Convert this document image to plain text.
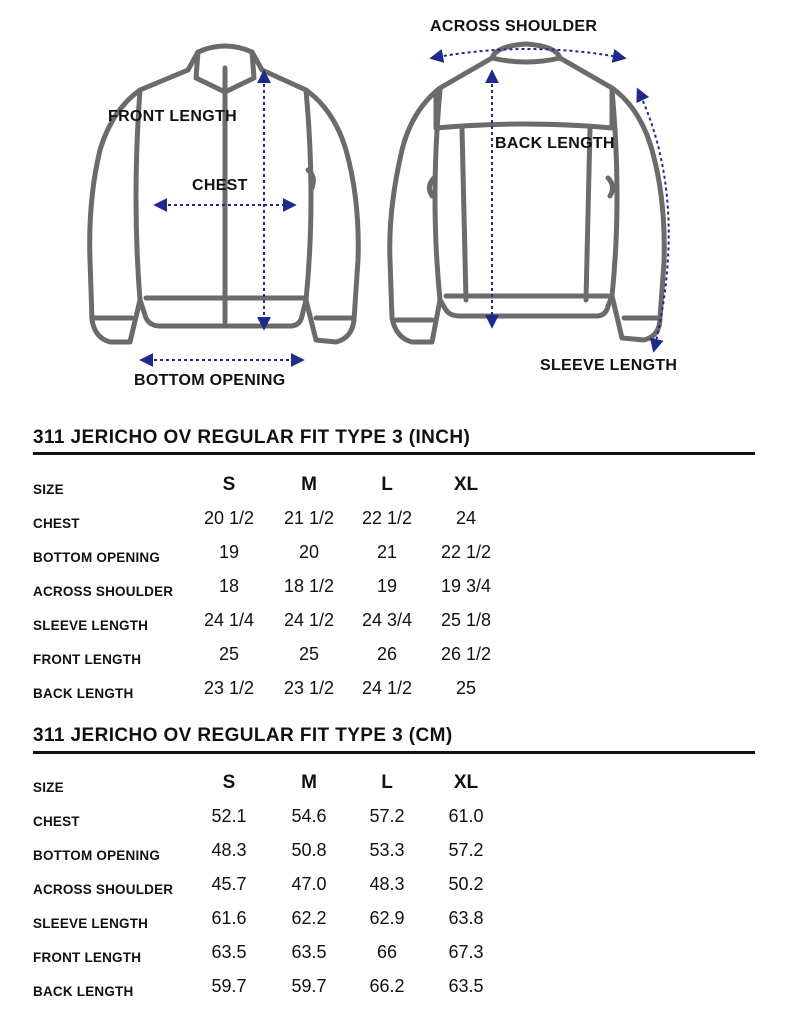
FRONT LENGTH
CHEST
BOTTOM OPENING
ACROSS SHOULDER
BACK LENGTH
SLEEVE LENGTH
311 JERICHO OV REGULAR FIT TYPE 3 (INCH)
SIZE	S	M	L	XL
CHEST	20 1/2	21 1/2	22 1/2	24
BOTTOM OPENING	19	20	21	22 1/2
ACROSS SHOULDER	18	18 1/2	19	19 3/4
SLEEVE LENGTH	24 1/4	24 1/2	24 3/4	25 1/8
FRONT LENGTH	25	25	26	26 1/2
BACK LENGTH	23 1/2	23 1/2	24 1/2	25
311 JERICHO OV REGULAR FIT TYPE 3 (CM)
SIZE	S	M	L	XL
CHEST	52.1	54.6	57.2	61.0
BOTTOM OPENING	48.3	50.8	53.3	57.2
ACROSS SHOULDER	45.7	47.0	48.3	50.2
SLEEVE LENGTH	61.6	62.2	62.9	63.8
FRONT LENGTH	63.5	63.5	66	67.3
BACK LENGTH	59.7	59.7	66.2	63.5
